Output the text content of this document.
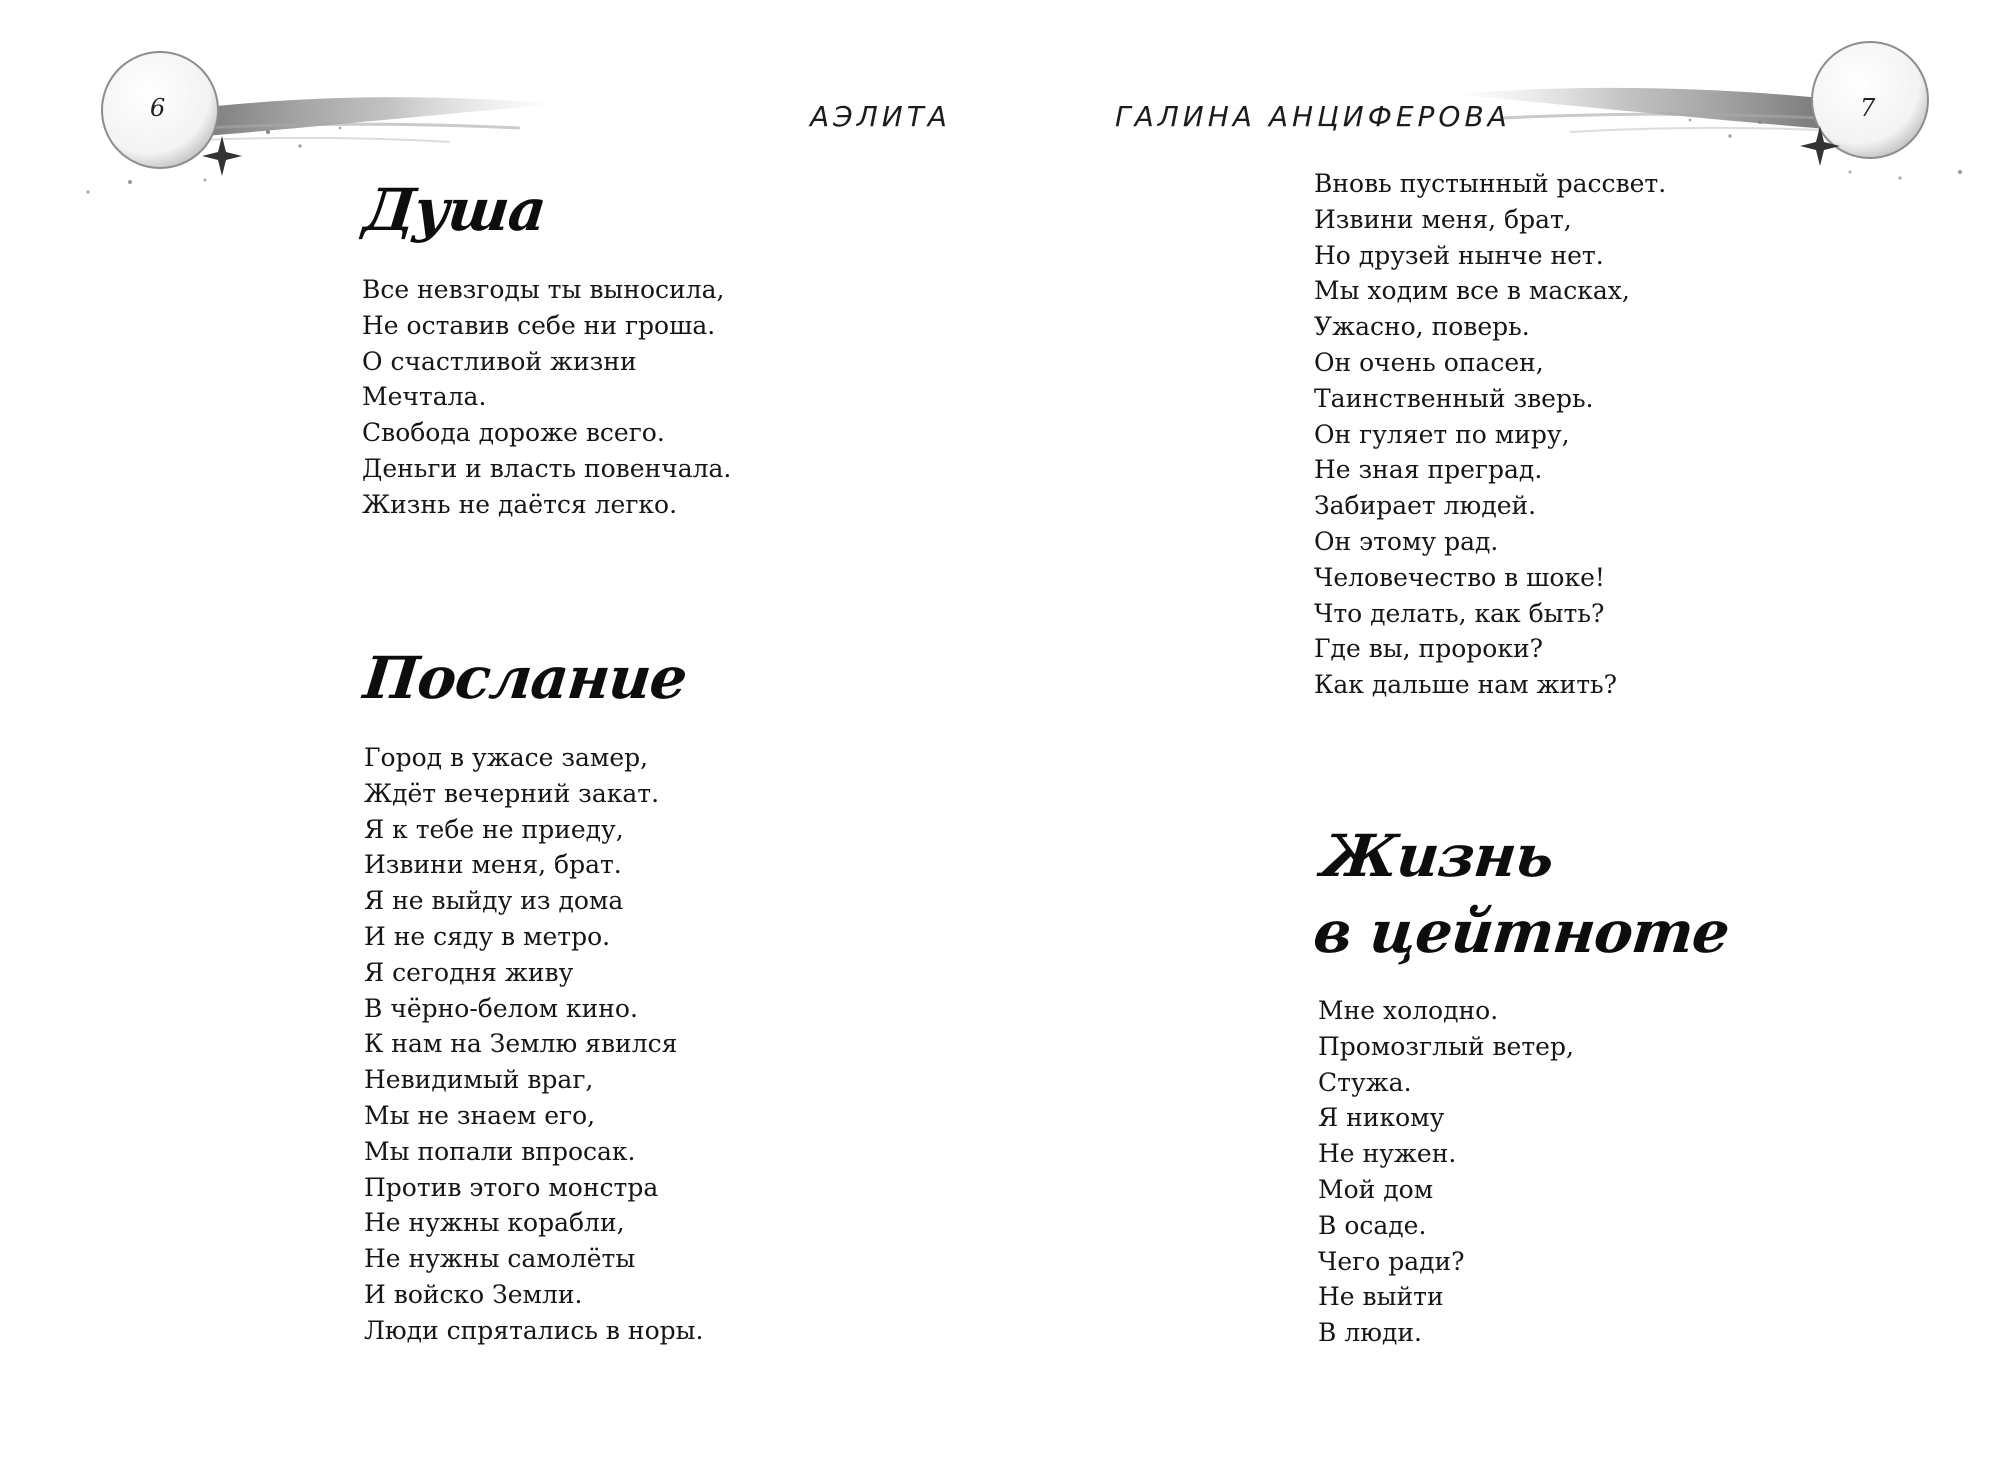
6	7
АЭЛИТА	ГАЛИНА АНЦИФЕРОВА
Душа
Все невзгоды ты выносила,
Не оставив себе ни гроша.
О счастливой жизни
Мечтала.
Свобода дороже всего.
Деньги и власть повенчала.
Жизнь не даётся легко.
Послание
Город в ужасе замер,
Ждёт вечерний закат.
Я к тебе не приеду,
Извини меня, брат.
Я не выйду из дома
И не сяду в метро.
Я сегодня живу
В чёрно-белом кино.
К нам на Землю явился
Невидимый враг,
Мы не знаем его,
Мы попали впросак.
Против этого монстра
Не нужны корабли,
Не нужны самолёты
И войско Земли.
Люди спрятались в норы.
Вновь пустынный рассвет.
Извини меня, брат,
Но друзей нынче нет.
Мы ходим все в масках,
Ужасно, поверь.
Он очень опасен,
Таинственный зверь.
Он гуляет по миру,
Не зная преград.
Забирает людей.
Он этому рад.
Человечество в шоке!
Что делать, как быть?
Где вы, пророки?
Как дальше нам жить?
Жизнь
в цейтноте
Мне холодно.
Промозглый ветер,
Стужа.
Я никому
Не нужен.
Мой дом
В осаде.
Чего ради?
Не выйти
В люди.
